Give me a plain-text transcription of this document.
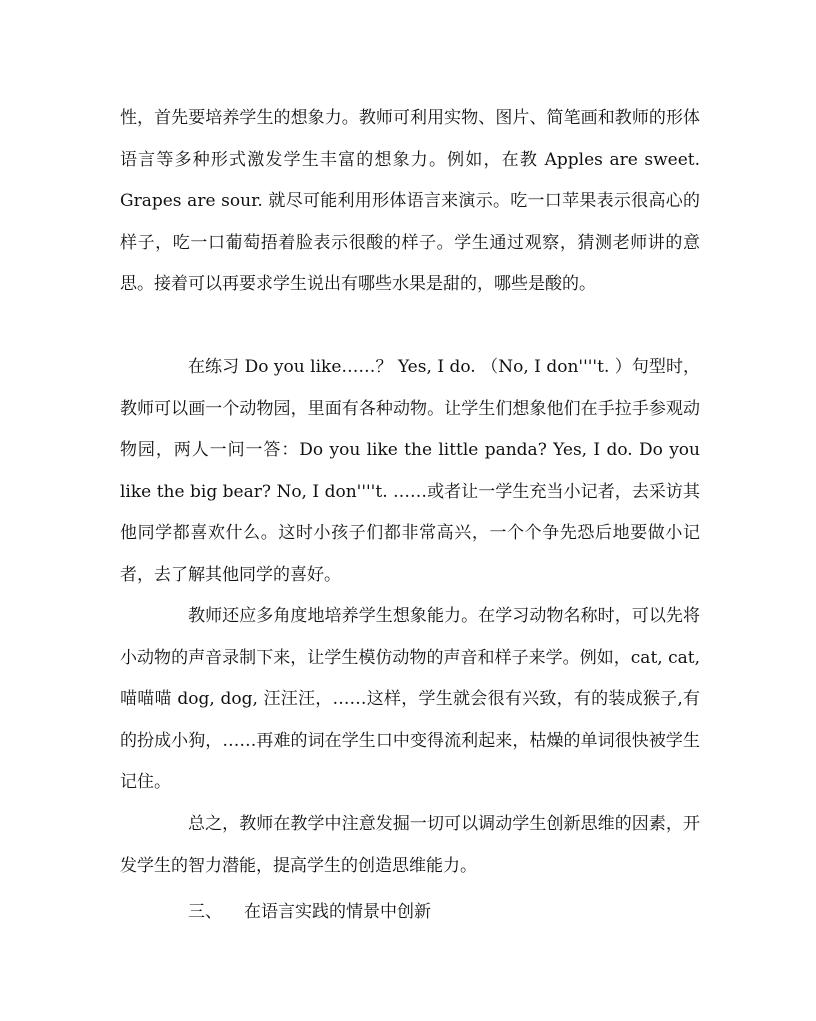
性，首先要培养学生的想象力。教师可利用实物、图片、简笔画和教师的形体语言等多种形式激发学生丰富的想象力。例如，在教 Apples are sweet. Grapes are sour. 就尽可能利用形体语言来演示。吃一口苹果表示很高心的样子，吃一口葡萄捂着脸表示很酸的样子。学生通过观察，猜测老师讲的意思。接着可以再要求学生说出有哪些水果是甜的，哪些是酸的。

在练习 Do you like……？ Yes, I do. （No, I don''''t. ）句型时，教师可以画一个动物园，里面有各种动物。让学生们想象他们在手拉手参观动物园，两人一问一答：Do you like the little panda? Yes, I do. Do you like the big bear? No, I don''''t. ……或者让一学生充当小记者，去采访其他同学都喜欢什么。这时小孩子们都非常高兴，一个个争先恐后地要做小记者，去了解其他同学的喜好。

教师还应多角度地培养学生想象能力。在学习动物名称时，可以先将小动物的声音录制下来，让学生模仿动物的声音和样子来学。例如，cat, cat, 喵喵喵 dog, dog, 汪汪汪，……这样，学生就会很有兴致，有的装成猴子,有的扮成小狗，……再难的词在学生口中变得流利起来，枯燥的单词很快被学生记住。

总之，教师在教学中注意发掘一切可以调动学生创新思维的因素，开发学生的智力潜能，提高学生的创造思维能力。

三、 在语言实践的情景中创新
